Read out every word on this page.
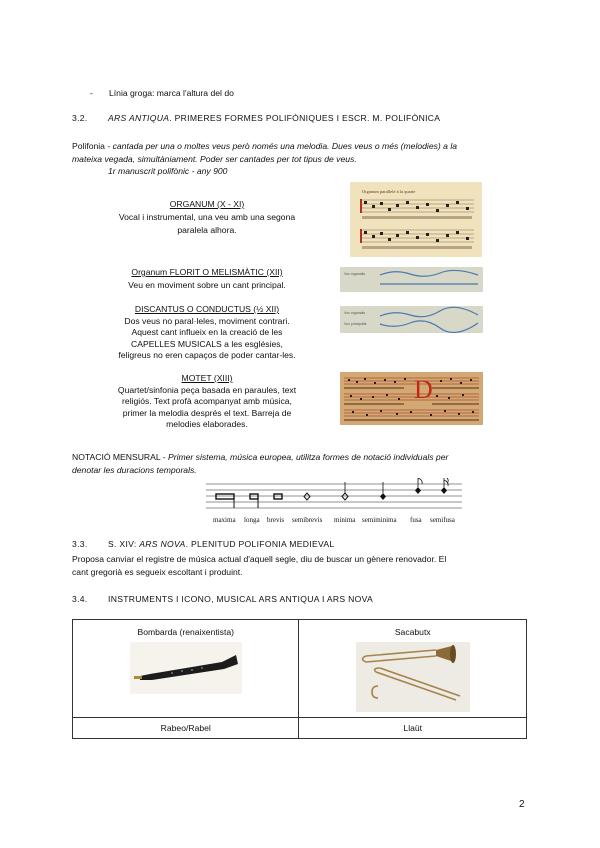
- Línia groga: marca l'altura del do
3.2. ARS ANTIQUA. PRIMERES FORMES POLIFÒNIQUES I ESCR. M. POLIFÒNICA
Polifonia - cantada per una o moltes veus però només una melodia. Dues veus o més (melodies) a la
mateixa vegada, simultàniament. Poder ser cantades per tot tipus de veus.
1r manuscrit polifònic - any 900
ORGANUM (X - XI)
Vocal i instrumental, una veu amb una segona
paralela alhora.
Organum parallele à la quarte
Organum FLORIT O MELISMÀTIC (XII)
Veu en moviment sobre un cant principal.
Vox organalis
DISCANTUS O CONDUCTUS (½ XII)
Dos veus no paral·leles, moviment contrari.
Aquest cant influeix en la creació de les
CAPELLES MUSICALS a les esglésies,
feligreus no eren capaços de poder cantar-les.
Vox organalis
Vox principalis
MOTET (XIII)
Quartet/sinfonia peça basada en paraules, text
religiós. Text profà acompanyat amb música,
primer la melodia després el text. Barreja de
melodies elaborades.
D
NOTACIÓ MENSURAL - Primer sistema, música europea, utilitza formes de notació individuals per
denotar les duracions temporals.
maxima longa brevis semibrevis minima semiminima fusa semifusa
3.3. S. XIV: ARS NOVA. PLENITUD POLIFONIA MEDIEVAL
Proposa canviar el registre de música actual d'aquell segle, diu de buscar un gènere renovador. El
cant gregorià es segueix escoltant i produint.
3.4. INSTRUMENTS I ICONO, MUSICAL ARS ANTIQUA I ARS NOVA
Bombarda (renaixentista)	Sacabutx

Rabeo/Rabel	Llaüt
2
